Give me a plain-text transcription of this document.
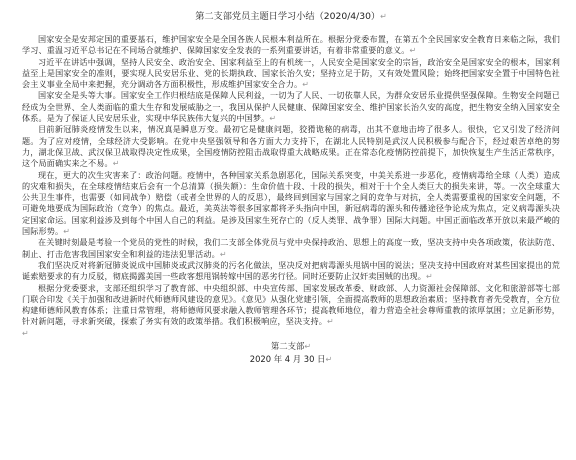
第二支部党员主题日学习小结（2020/4/30）↵

国家安全是安邦定国的重要基石，维护国家安全是全国各族人民根本利益所在。根据分党委布置，在第五个全民国家安全教育日来临之际，我们学习、重温习近平总书记在不同场合就维护、保障国家安全发表的一系列重要讲话，有着非常重要的意义。↵

习近平在讲话中强调，坚持人民安全、政治安全、国家利益至上的有机统一，人民安全是国家安全的宗旨，政治安全是国家安全的根本，国家利益至上是国家安全的准则，要实现人民安居乐业、党的长期执政、国家长治久安；坚持立足于防，又有效处置风险；始终把国家安全置于中国特色社会主义事业全局中来把握，充分调动各方面积极性，形成维护国家安全合力。↵

国家安全是头等大事。国家安全工作归根结底是保障人民利益，一切为了人民、一切依靠人民，为群众安居乐业提供坚强保障。生物安全问题已经成为全世界、全人类面临的重大生存和发展威胁之一，我国从保护人民健康、保障国家安全、维护国家长治久安的高度，把生物安全纳入国家安全体系。是为了保证人民安居乐业，实现中华民族伟大复兴的中国梦。↵

目前新冠肺炎疫情发生以来，情况真是瞬息万变。最初它是健康问题，狡猾诡秘的病毒，出其不意地击垮了很多人。很快，它又引发了经济问题。为了应对疫情，全球经济大受影响。在党中央坚强领导和各方面大力支持下，在湖北人民特别是武汉人民积极参与配合下，经过艰苦卓绝的努力，湖北保卫战、武汉保卫战取得决定性成果，全国疫情防控阻击战取得重大战略成果。正在常态化疫情防控前提下，加快恢复生产生活正常秩序，这个局面确实来之不易。↵

现在，更大的次生灾害来了：政治问题。疫情中，各种国家关系急剧恶化，国际关系突变，中美关系进一步恶化，疫情病毒给全球（人类）造成的灾难和损失，在全球疫情结束后会有一个总清算（损失额）：生命价值十段、十段的损失，相对于十个全人类巨大的损失来讲，等。一次全球重大公共卫生事件，也需要（如同战争）赔偿（或者全世界的人的反思），最终回到国家与国家之间的竞争与对抗，全人类需要重视的国家安全问题，不可避免地要成为国际政治（竞争）的焦点。最近，美英法等很多国家都将矛头指向中国，新冠病毒的源头和传播途径争论成为焦点，定义病毒源头决定国家命运。国家利益涉及到每个中国人自己的利益。是涉及国家生死存亡的（反人类罪、战争罪）国际大问题。中国正面临改革开放以来最严峻的国际形势。↵

在关键时刻最是考验一个党员的党性的时候，我们二支部全体党员与党中央保持政治、思想上的高度一致，坚决支持中央各项政策，依法防范、制止、打击危害我国国家安全和利益的违法犯罪活动。↵

我们坚决反对将新冠肺炎说成中国肺炎或武汉肺炎的污名化做法，坚决反对把病毒源头甩锅中国的说法；坚决支持中国政府对某些国家提出的荒诞索赔要求的有力反驳，彻底揭露美国一些政客想甩锅转嫁中国的恶劣行径。同时还要防止汉奸卖国贼的出现。↵

根据分党委要求，支部还组织学习了教育部、中央组织部、中央宣传部、国家发展改革委、财政部、人力资源社会保障部、文化和旅游部等七部门联合印发《关于加强和改进新时代师德师风建设的意见》。《意见》从强化党建引领，全面提高教师的思想政治素质；坚持教育者先受教育，全方位构建师德师风教育体系；注重日常管理，将师德师风要求融入教师管理各环节；提高教师地位，着力营造全社会尊师重教的浓厚氛围；立足新形势，针对新问题，寻求新突破，探索了务实有效的政策举措。我们积极响应，坚决支持。↵

↵

第二支部↵

2020 年 4 月 30 日↵
